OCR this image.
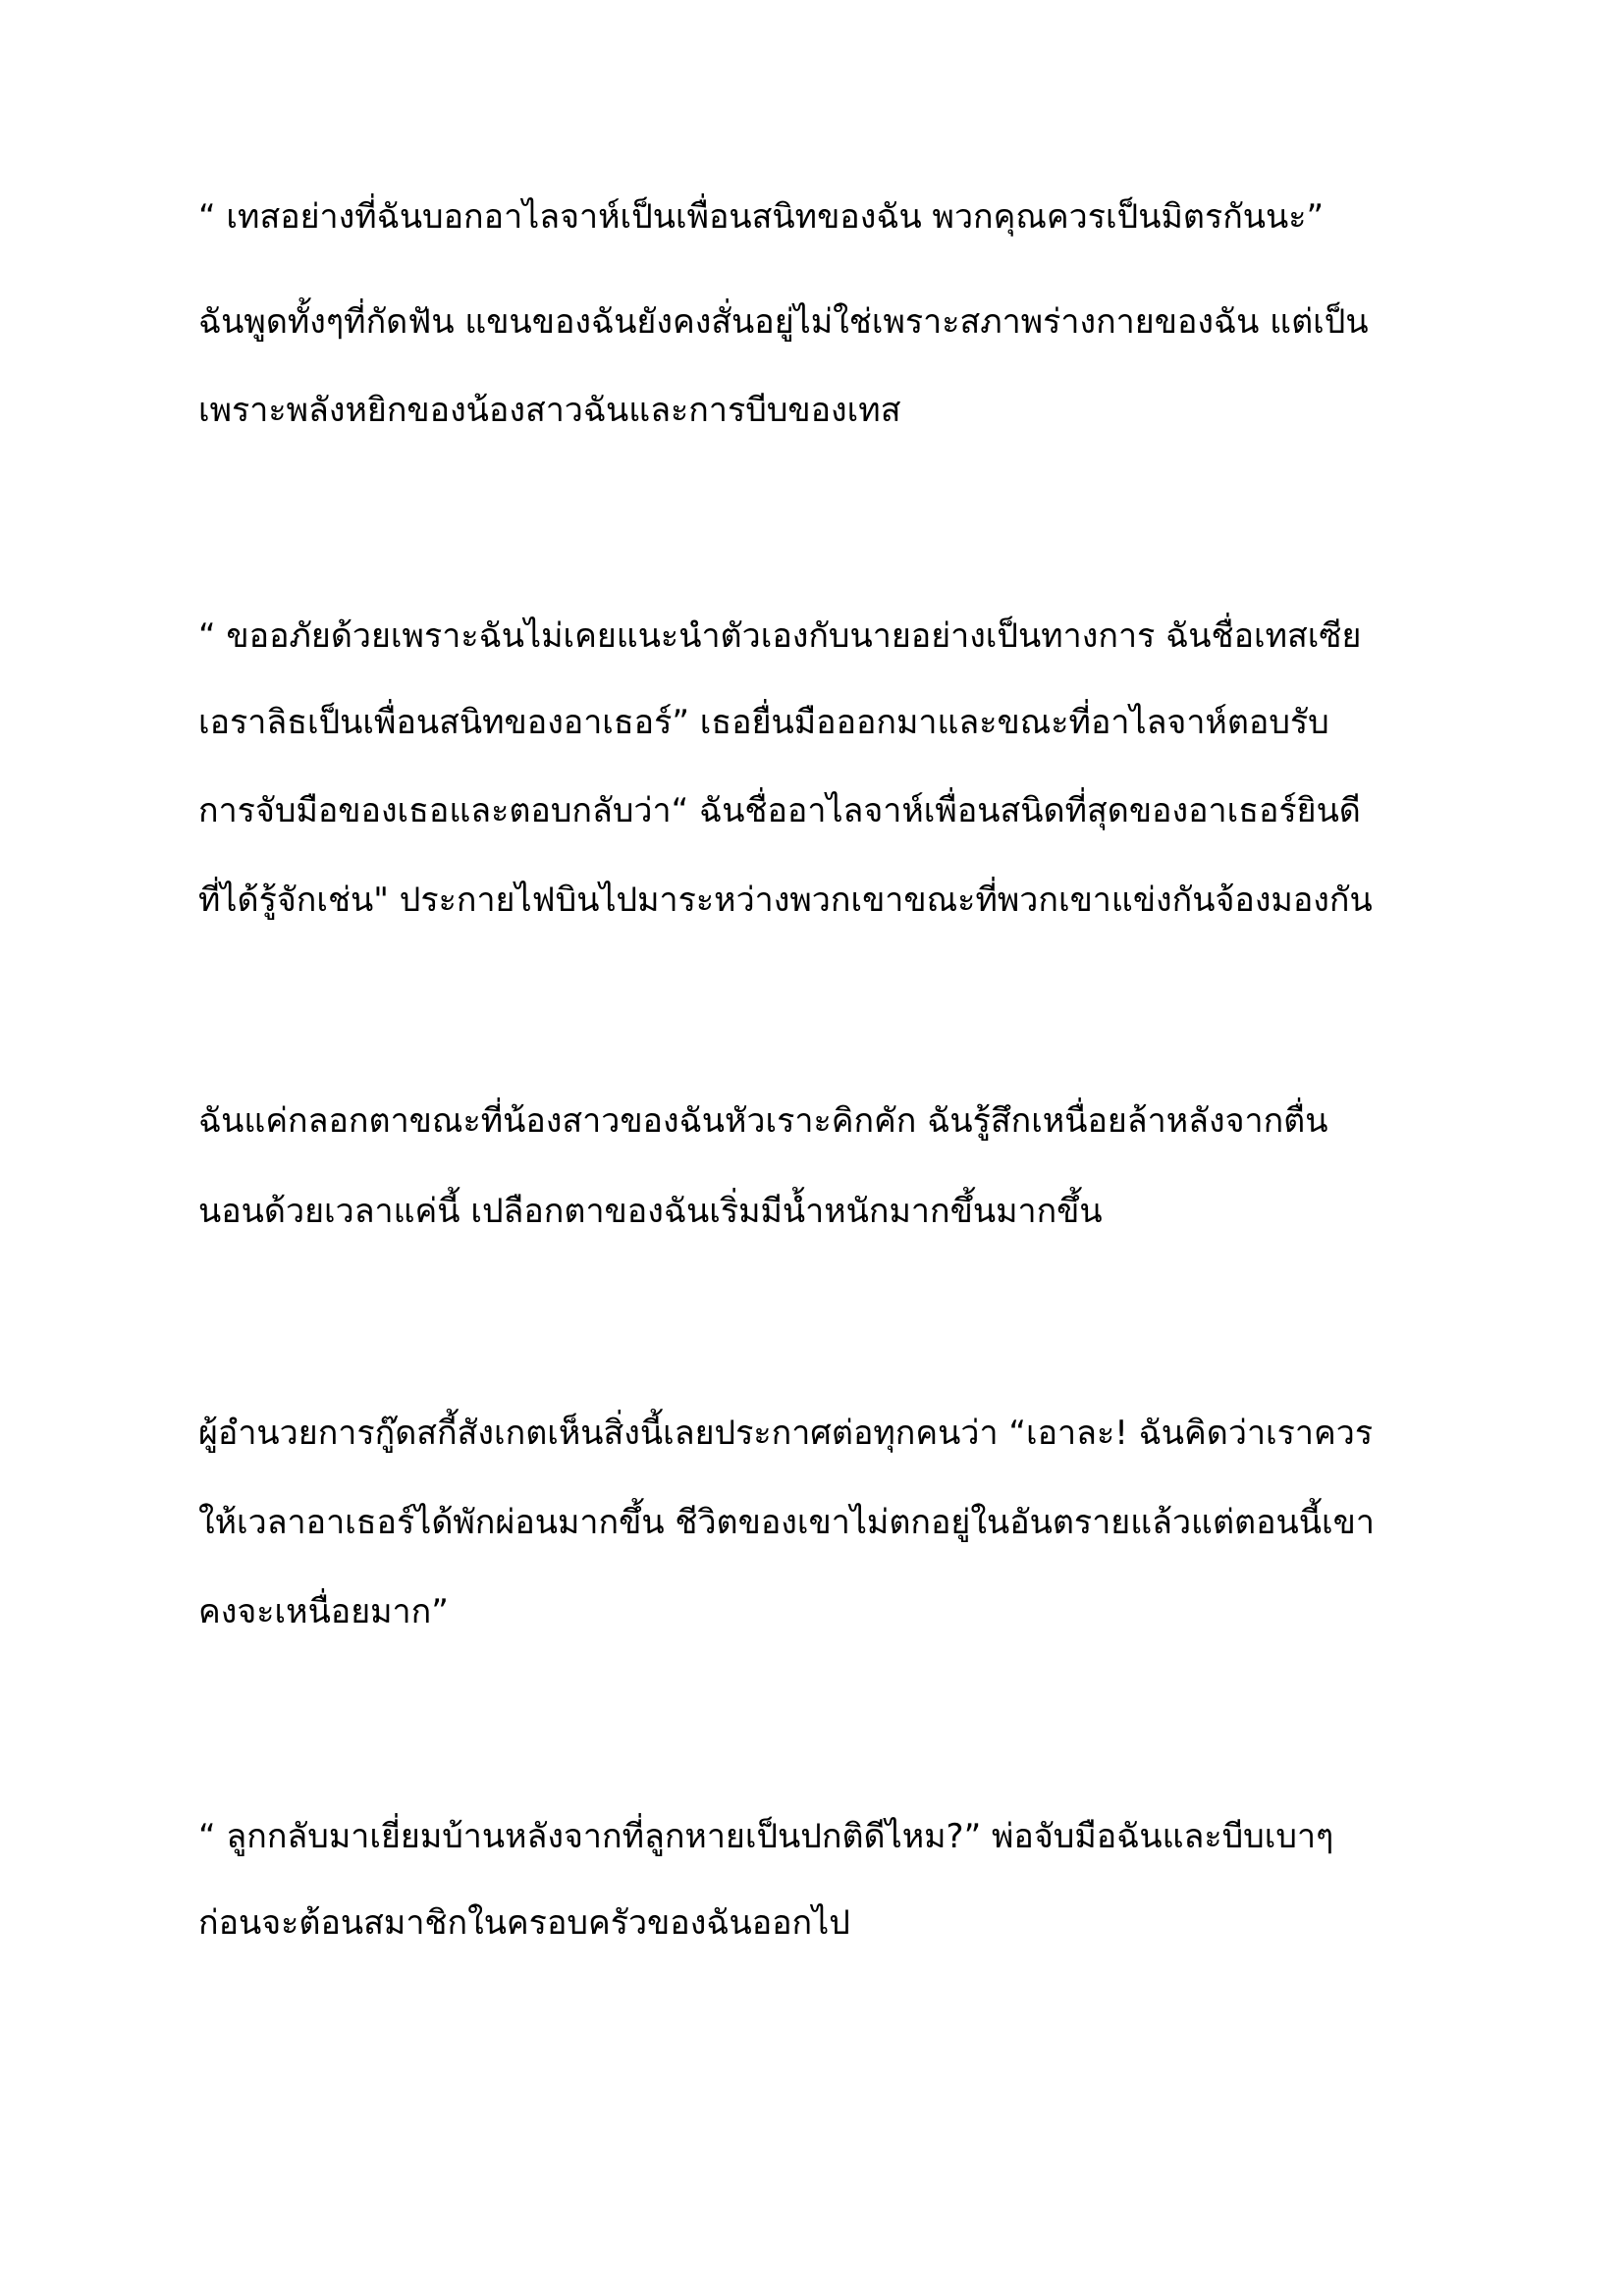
“ เทสอย่างที่ฉันบอกอาไลจาห์เป็นเพื่อนสนิทของฉัน พวกคุณควรเป็นมิตรกันนะ”
ฉันพูดทั้งๆที่กัดฟัน แขนของฉันยังคงสั่นอยู่ไม่ใช่เพราะสภาพร่างกายของฉัน แต่เป็น
เพราะพลังหยิกของน้องสาวฉันและการบีบของเทส
“ ขออภัยด้วยเพราะฉันไม่เคยแนะนำตัวเองกับนายอย่างเป็นทางการ ฉันชื่อเทสเซีย
เอราลิธเป็นเพื่อนสนิทของอาเธอร์” เธอยื่นมือออกมาและขณะที่อาไลจาห์ตอบรับ
การจับมือของเธอและตอบกลับว่า“ ฉันชื่ออาไลจาห์เพื่อนสนิดที่สุดของอาเธอร์ยินดี
ที่ได้รู้จักเช่น" ประกายไฟบินไปมาระหว่างพวกเขาขณะที่พวกเขาแข่งกันจ้องมองกัน
ฉันแค่กลอกตาขณะที่น้องสาวของฉันหัวเราะคิกคัก ฉันรู้สึกเหนื่อยล้าหลังจากตื่น
นอนด้วยเวลาแค่นี้ เปลือกตาของฉันเริ่มมีน้ำหนักมากขึ้นมากขึ้น
ผู้อำนวยการกู๊ดสกี้สังเกตเห็นสิ่งนี้เลยประกาศต่อทุกคนว่า “เอาละ! ฉันคิดว่าเราควร
ให้เวลาอาเธอร์ได้พักผ่อนมากขึ้น ชีวิตของเขาไม่ตกอยู่ในอันตรายแล้วแต่ตอนนี้เขา
คงจะเหนื่อยมาก”
“ ลูกกลับมาเยี่ยมบ้านหลังจากที่ลูกหายเป็นปกติดีไหม?” พ่อจับมือฉันและบีบเบาๆ
ก่อนจะต้อนสมาชิกในครอบครัวของฉันออกไป
